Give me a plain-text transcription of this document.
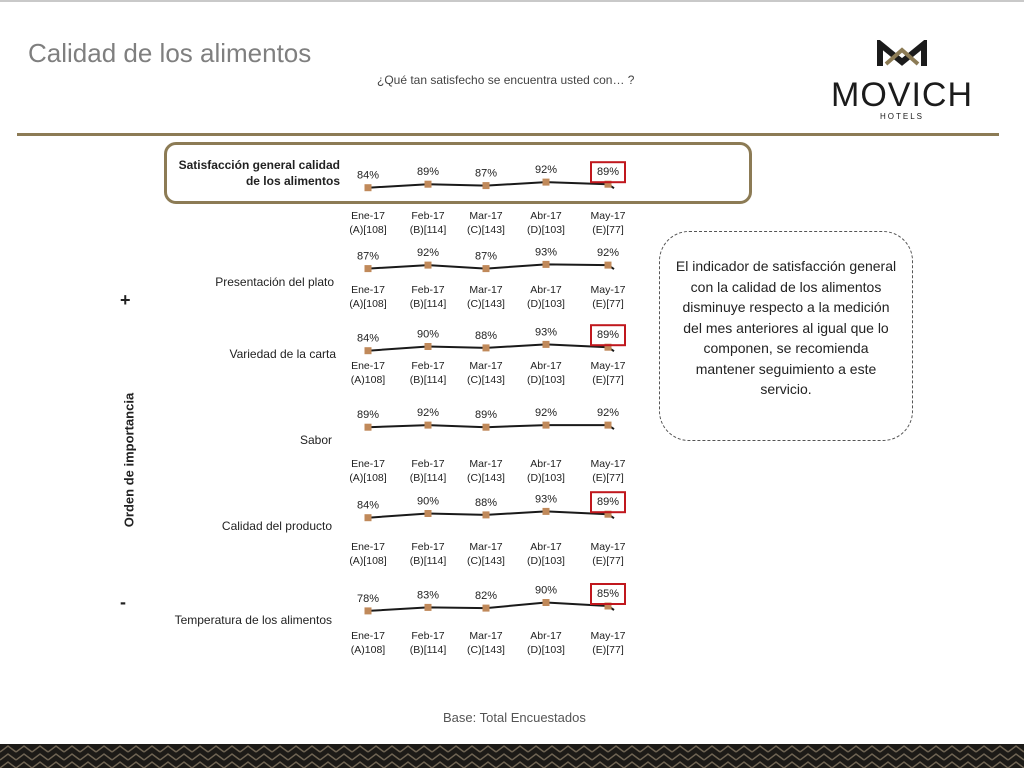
Calidad de los alimentos
¿Qué tan satisfecho se encuentra usted con… ?	MOVICH
HOTELS
Satisfacción general calidad de los alimentos
Presentación del plato
Variedad de la carta
Sabor
Calidad del producto
Temperatura de los alimentos
+
-
Orden de importancia
84%
Ene-17
(A)[108]
89%
Feb-17
(B)[114]
87%
Mar-17
(C)[143]
92%
Abr-17
(D)[103]
89%
May-17
(E)[77]
87%
Ene-17
(A)[108]
92%
Feb-17
(B)[114]
87%
Mar-17
(C)[143]
93%
Abr-17
(D)[103]
92%
May-17
(E)[77]
84%
Ene-17
(A)108]
90%
Feb-17
(B)[114]
88%
Mar-17
(C)[143]
93%
Abr-17
(D)[103]
89%
May-17
(E)[77]
89%
Ene-17
(A)[108]
92%
Feb-17
(B)[114]
89%
Mar-17
(C)[143]
92%
Abr-17
(D)[103]
92%
May-17
(E)[77]
84%
Ene-17
(A)[108]
90%
Feb-17
(B)[114]
88%
Mar-17
(C)[143]
93%
Abr-17
(D)[103]
89%
May-17
(E)[77]
78%
Ene-17
(A)108]
83%
Feb-17
(B)[114]
82%
Mar-17
(C)[143]
90%
Abr-17
(D)[103]
85%
May-17
(E)[77]
El indicador de satisfacción general con la calidad de los alimentos disminuye respecto a la medición del mes anteriores al igual que lo componen, se recomienda mantener seguimiento a este servicio.
Base: Total Encuestados
